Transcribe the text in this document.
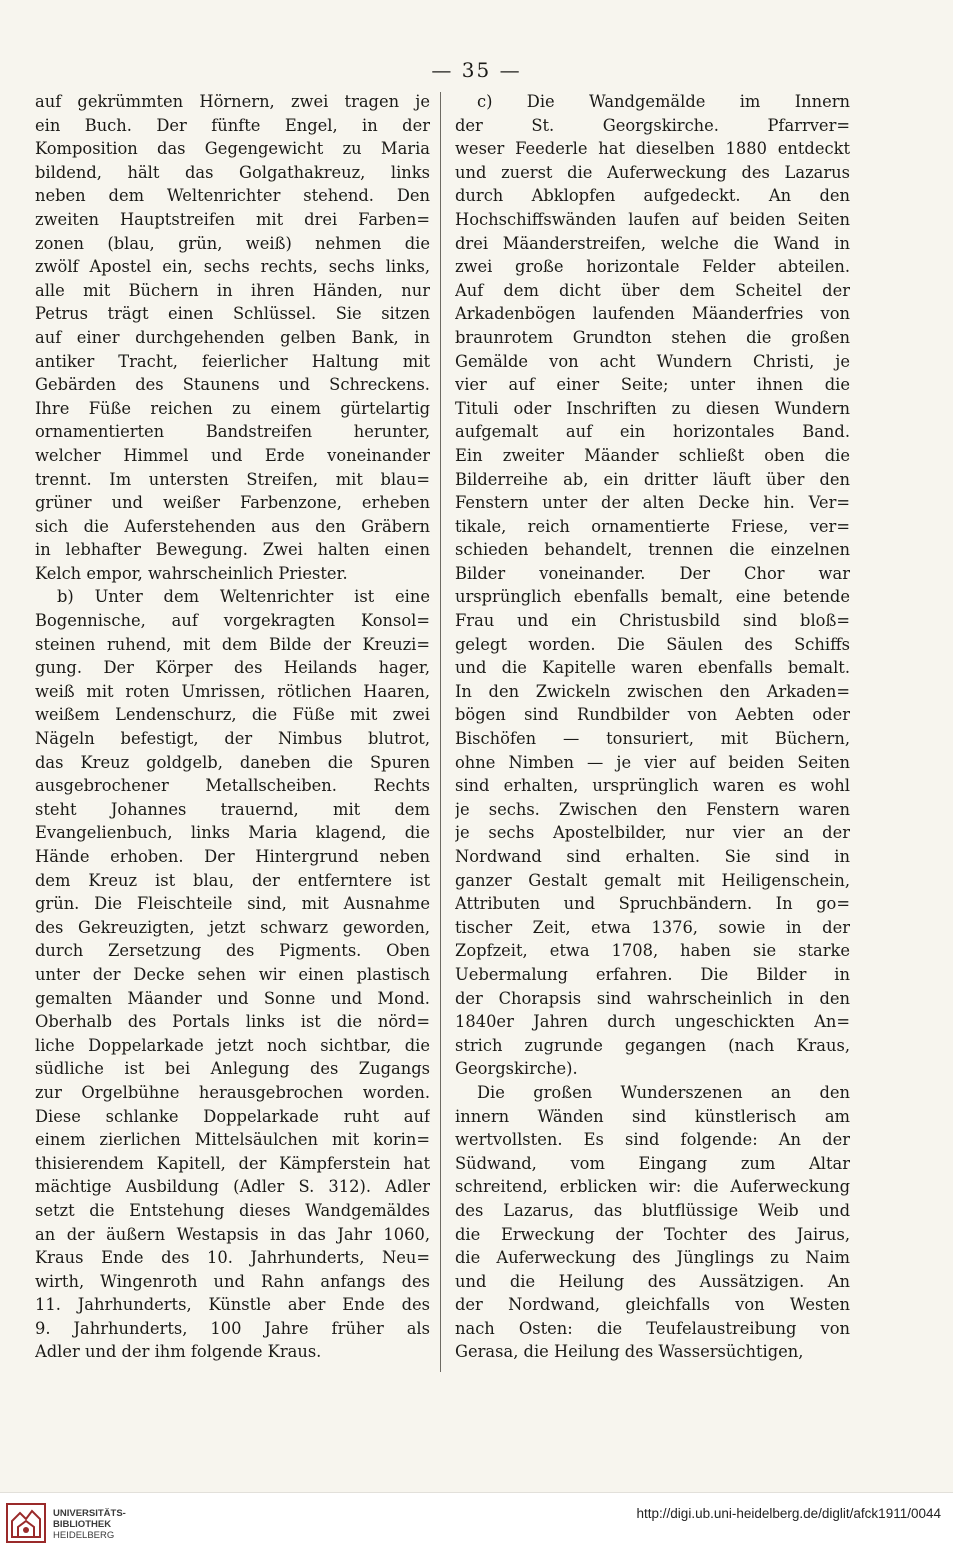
— 35 —
auf gekrümmten Hörnern, zwei tragen je
ein Buch. Der fünfte Engel, in der
Komposition das Gegengewicht zu Maria
bildend, hält das Golgathakreuz, links
neben dem Weltenrichter stehend. Den
zweiten Hauptstreifen mit drei Farben=
zonen (blau, grün, weiß) nehmen die
zwölf Apostel ein, sechs rechts, sechs links,
alle mit Büchern in ihren Händen, nur
Petrus trägt einen Schlüssel. Sie sitzen
auf einer durchgehenden gelben Bank, in
antiker Tracht, feierlicher Haltung mit
Gebärden des Staunens und Schreckens.
Ihre Füße reichen zu einem gürtelartig
ornamentierten Bandstreifen herunter,
welcher Himmel und Erde voneinander
trennt. Im untersten Streifen, mit blau=
grüner und weißer Farbenzone, erheben
sich die Auferstehenden aus den Gräbern
in lebhafter Bewegung. Zwei halten einen
Kelch empor, wahrscheinlich Priester.
b) Unter dem Weltenrichter ist eine
Bogennische, auf vorgekragten Konsol=
steinen ruhend, mit dem Bilde der Kreuzi=
gung. Der Körper des Heilands hager,
weiß mit roten Umrissen, rötlichen Haaren,
weißem Lendenschurz, die Füße mit zwei
Nägeln befestigt, der Nimbus blutrot,
das Kreuz goldgelb, daneben die Spuren
ausgebrochener Metallscheiben. Rechts
steht Johannes trauernd, mit dem
Evangelienbuch, links Maria klagend, die
Hände erhoben. Der Hintergrund neben
dem Kreuz ist blau, der entferntere ist
grün. Die Fleischteile sind, mit Ausnahme
des Gekreuzigten, jetzt schwarz geworden,
durch Zersetzung des Pigments. Oben
unter der Decke sehen wir einen plastisch
gemalten Mäander und Sonne und Mond.
Oberhalb des Portals links ist die nörd=
liche Doppelarkade jetzt noch sichtbar, die
südliche ist bei Anlegung des Zugangs
zur Orgelbühne herausgebrochen worden.
Diese schlanke Doppelarkade ruht auf
einem zierlichen Mittelsäulchen mit korin=
thisierendem Kapitell, der Kämpferstein hat
mächtige Ausbildung (Adler S. 312). Adler
setzt die Entstehung dieses Wandgemäldes
an der äußern Westapsis in das Jahr 1060,
Kraus Ende des 10. Jahrhunderts, Neu=
wirth, Wingenroth und Rahn anfangs des
11. Jahrhunderts, Künstle aber Ende des
9. Jahrhunderts, 100 Jahre früher als
Adler und der ihm folgende Kraus.
c) Die Wandgemälde im Innern
der St. Georgskirche. Pfarrver=
weser Feederle hat dieselben 1880 entdeckt
und zuerst die Auferweckung des Lazarus
durch Abklopfen aufgedeckt. An den
Hochschiffswänden laufen auf beiden Seiten
drei Mäanderstreifen, welche die Wand in
zwei große horizontale Felder abteilen.
Auf dem dicht über dem Scheitel der
Arkadenbögen laufenden Mäanderfries von
braunrotem Grundton stehen die großen
Gemälde von acht Wundern Christi, je
vier auf einer Seite; unter ihnen die
Tituli oder Inschriften zu diesen Wundern
aufgemalt auf ein horizontales Band.
Ein zweiter Mäander schließt oben die
Bilderreihe ab, ein dritter läuft über den
Fenstern unter der alten Decke hin. Ver=
tikale, reich ornamentierte Friese, ver=
schieden behandelt, trennen die einzelnen
Bilder voneinander. Der Chor war
ursprünglich ebenfalls bemalt, eine betende
Frau und ein Christusbild sind bloß=
gelegt worden. Die Säulen des Schiffs
und die Kapitelle waren ebenfalls bemalt.
In den Zwickeln zwischen den Arkaden=
bögen sind Rundbilder von Aebten oder
Bischöfen — tonsuriert, mit Büchern,
ohne Nimben — je vier auf beiden Seiten
sind erhalten, ursprünglich waren es wohl
je sechs. Zwischen den Fenstern waren
je sechs Apostelbilder, nur vier an der
Nordwand sind erhalten. Sie sind in
ganzer Gestalt gemalt mit Heiligenschein,
Attributen und Spruchbändern. In go=
tischer Zeit, etwa 1376, sowie in der
Zopfzeit, etwa 1708, haben sie starke
Uebermalung erfahren. Die Bilder in
der Chorapsis sind wahrscheinlich in den
1840er Jahren durch ungeschickten An=
strich zugrunde gegangen (nach Kraus,
Georgskirche).
Die großen Wunderszenen an den
innern Wänden sind künstlerisch am
wertvollsten. Es sind folgende: An der
Südwand, vom Eingang zum Altar
schreitend, erblicken wir: die Auferweckung
des Lazarus, das blutflüssige Weib und
die Erweckung der Tochter des Jairus,
die Auferweckung des Jünglings zu Naim
und die Heilung des Aussätzigen. An
der Nordwand, gleichfalls von Westen
nach Osten: die Teufelaustreibung von
Gerasa, die Heilung des Wassersüchtigen,
UNIVERSITÄTS-
BIBLIOTHEK
HEIDELBERG
http://digi.ub.uni-heidelberg.de/diglit/afck1911/0044
